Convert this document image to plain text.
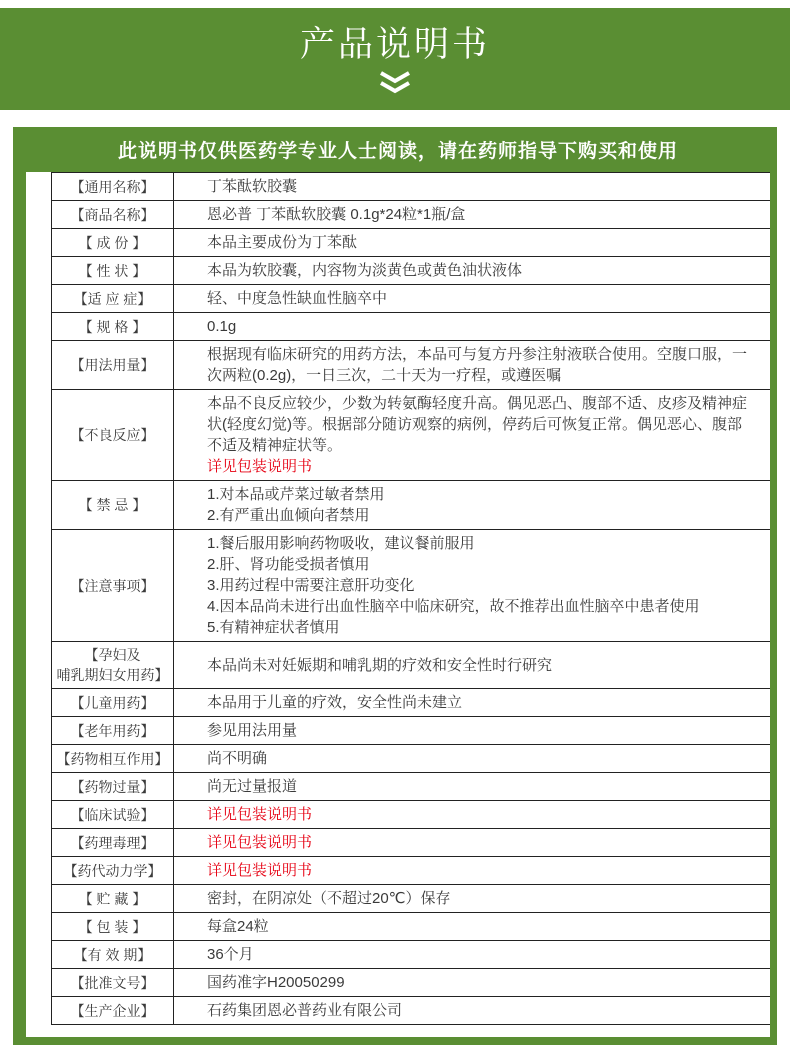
产品说明书
此说明书仅供医药学专业人士阅读，请在药师指导下购买和使用
【通用名称】	丁苯酞软胶囊
【商品名称】	恩必普 丁苯酞软胶囊 0.1g*24粒*1瓶/盒
【 成 份 】	本品主要成份为丁苯酞
【 性 状 】	本品为软胶囊，内容物为淡黄色或黄色油状液体
【适 应 症】	轻、中度急性缺血性脑卒中
【 规 格 】	0.1g
【用法用量】
根据现有临床研究的用药方法，本品可与复方丹参注射液联合使用。空腹口服，一次两粒(0.2g)，一日三次，二十天为一疗程，或遵医嘱
【不良反应】
本品不良反应较少，少数为转氨酶轻度升高。偶见恶凸、腹部不适、皮疹及精神症状(轻度幻觉)等。根据部分随访观察的病例，停药后可恢复正常。偶见恶心、腹部不适及精神症状等。
详见包装说明书
【 禁 忌 】
1.对本品或芹菜过敏者禁用
2.有严重出血倾向者禁用
【注意事项】
1.餐后服用影响药物吸收，建议餐前服用
2.肝、肾功能受损者慎用
3.用药过程中需要注意肝功变化
4.因本品尚未进行出血性脑卒中临床研究，故不推荐出血性脑卒中患者使用
5.有精神症状者慎用
【孕妇及
哺乳期妇女用药】
本品尚未对妊娠期和哺乳期的疗效和安全性时行研究
【儿童用药】	本品用于儿童的疗效，安全性尚未建立
【老年用药】	参见用法用量
【药物相互作用】	尚不明确
【药物过量】	尚无过量报道
【临床试验】	详见包装说明书
【药理毒理】	详见包装说明书
【药代动力学】	详见包装说明书
【 贮 藏 】	密封，在阴凉处（不超过20℃）保存
【 包 装 】	每盒24粒
【有 效 期】	36个月
【批准文号】	国药准字H20050299
【生产企业】	石药集团恩必普药业有限公司
